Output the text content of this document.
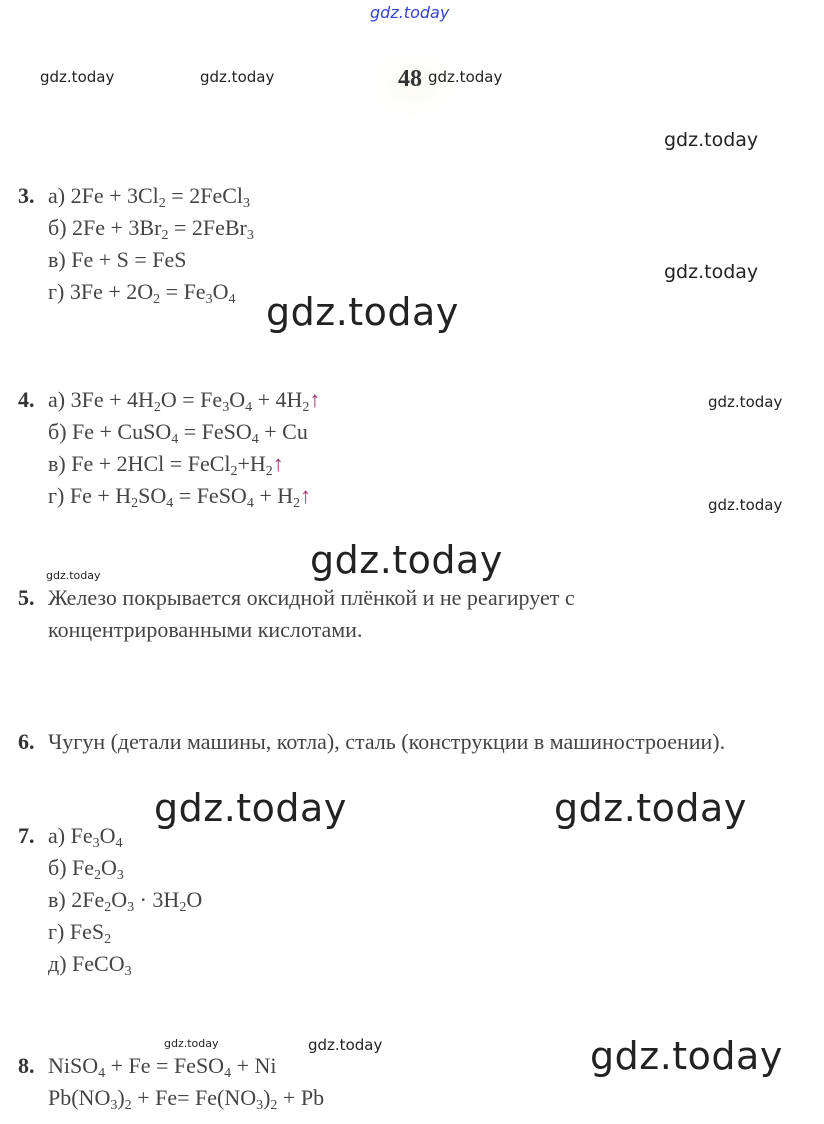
gdz.today
gdz.today	gdz.today	48 gdz.today
gdz.today
gdz.today
gdz.today
gdz.today
gdz.today
gdz.today
gdz.today
gdz.today	gdz.today
gdz.today	gdz.today	gdz.today
3. а) $2Fe + 3Cl_2$ = 2FeCl$_3$
б) $2Fe + 3Br_2$ = 2FeBr$_3$
в) Fe + S = FeS
г) $3Fe + 2O_2 = Fe_3O_4$
4. а) $3Fe + 4H_2O = Fe_3O_4$ + $4H_2↑$
б) Fe + CuSO$_4$ = FeSO$_4$ + Cu
в) $Fe + 2HCl = FeCl_2+H_2↑$
г) $Fe + H_2SO_4$ = FeSO$_4$ + $H_2↑$
5. Железо покрывается оксидной плёнкой и не реагирует с
концентрированными кислотами.
6. Чугун (детали машины, котла), сталь (конструкции в машиностроении).
7. а) $Fe_3O_4$
б) $Fe_2O_3$
в) $2Fe_2O_3 \cdot 3H_2O$
г) FeS$_2$
д) FeCO$_3$
8. NiSO$_4$ + Fe = FeSO$_4$ + Ni
$Pb(NO_3)_2 + Fe= Fe(NO_3)_2 + Pb$
